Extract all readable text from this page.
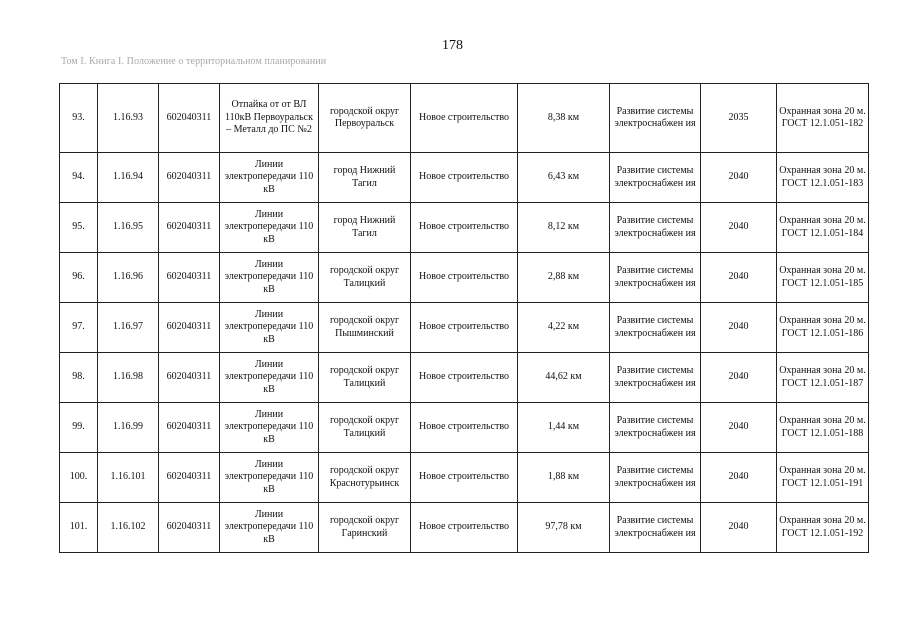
178
Том I. Книга I. Положение о территориальном планировании
93.	1.16.93	602040311	Отпайка от от ВЛ 110кВ Первоуральск – Металл до ПС №2	городской округ Первоуральск	Новое строительство	8,38 км	Развитие системы электроснабжен ия	2035	Охранная зона 20 м. ГОСТ 12.1.051-182
94.	1.16.94	602040311	Линии электропередачи 110 кВ	город Нижний Тагил	Новое строительство	6,43 км	Развитие системы электроснабжен ия	2040	Охранная зона 20 м. ГОСТ 12.1.051-183
95.	1.16.95	602040311	Линии электропередачи 110 кВ	город Нижний Тагил	Новое строительство	8,12 км	Развитие системы электроснабжен ия	2040	Охранная зона 20 м. ГОСТ 12.1.051-184
96.	1.16.96	602040311	Линии электропередачи 110 кВ	городской округ Талицкий	Новое строительство	2,88 км	Развитие системы электроснабжен ия	2040	Охранная зона 20 м. ГОСТ 12.1.051-185
97.	1.16.97	602040311	Линии электропередачи 110 кВ	городской округ Пышминский	Новое строительство	4,22 км	Развитие системы электроснабжен ия	2040	Охранная зона 20 м. ГОСТ 12.1.051-186
98.	1.16.98	602040311	Линии электропередачи 110 кВ	городской округ Талицкий	Новое строительство	44,62 км	Развитие системы электроснабжен ия	2040	Охранная зона 20 м. ГОСТ 12.1.051-187
99.	1.16.99	602040311	Линии электропередачи 110 кВ	городской округ Талицкий	Новое строительство	1,44 км	Развитие системы электроснабжен ия	2040	Охранная зона 20 м. ГОСТ 12.1.051-188
100.	1.16.101	602040311	Линии электропередачи 110 кВ	городской округ Краснотурьинск	Новое строительство	1,88 км	Развитие системы электроснабжен ия	2040	Охранная зона 20 м. ГОСТ 12.1.051-191
101.	1.16.102	602040311	Линии электропередачи 110 кВ	городской округ Гаринский	Новое строительство	97,78 км	Развитие системы электроснабжен ия	2040	Охранная зона 20 м. ГОСТ 12.1.051-192
